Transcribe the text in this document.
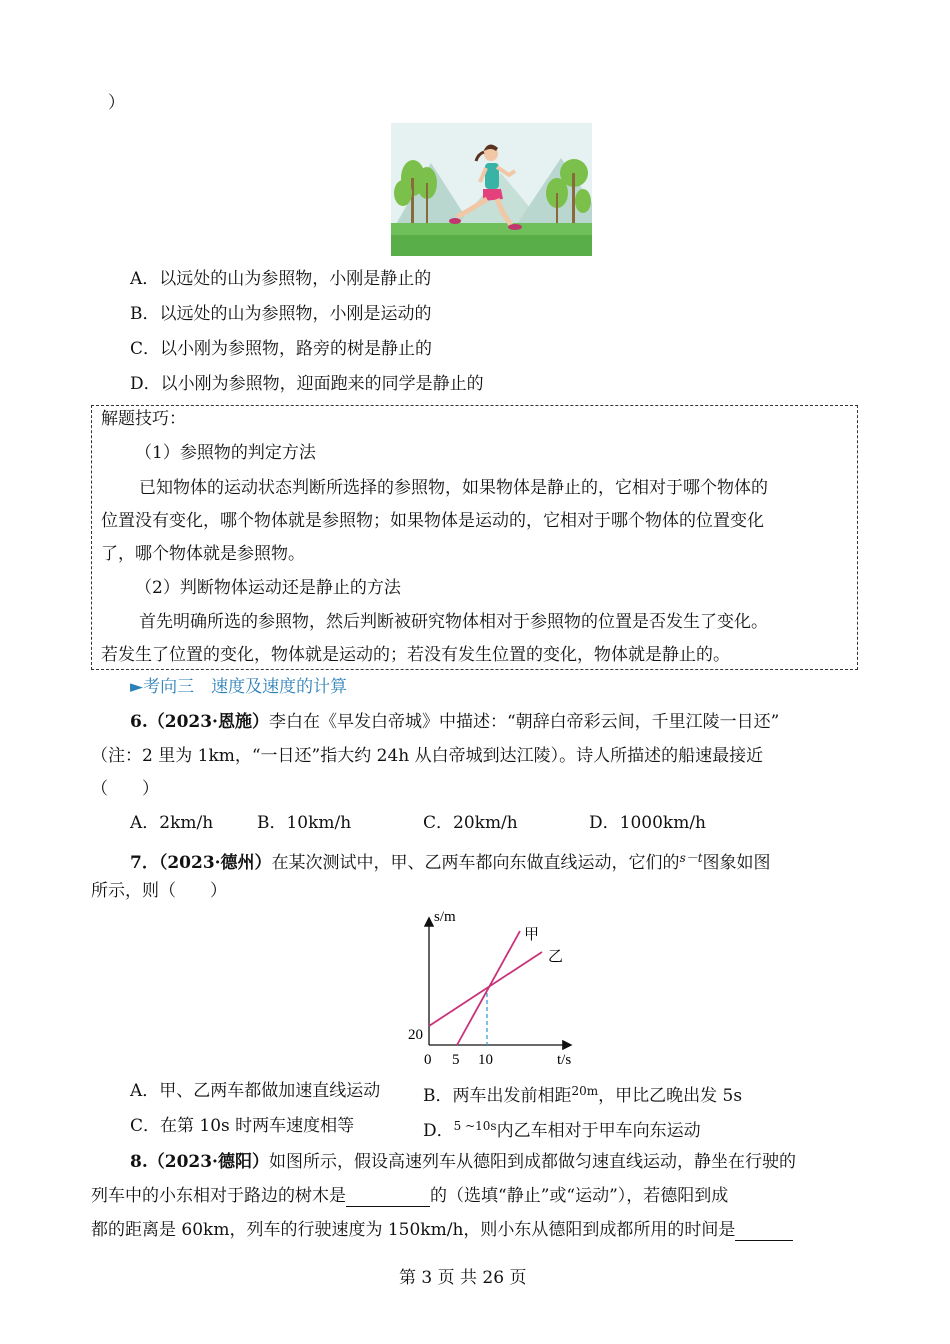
）
A．以远处的山为参照物，小刚是静止的
B．以远处的山为参照物，小刚是运动的
C．以小刚为参照物，路旁的树是静止的
D．以小刚为参照物，迎面跑来的同学是静止的
解题技巧：
（1）参照物的判定方法
已知物体的运动状态判断所选择的参照物，如果物体是静止的，它相对于哪个物体的
位置没有变化，哪个物体就是参照物；如果物体是运动的，它相对于哪个物体的位置变化
了，哪个物体就是参照物。
（2）判断物体运动还是静止的方法
首先明确所选的参照物，然后判断被研究物体相对于参照物的位置是否发生了变化。
若发生了位置的变化，物体就是运动的；若没有发生位置的变化，物体就是静止的。
►考向三　速度及速度的计算
6.（2023·恩施）李白在《早发白帝城》中描述：“朝辞白帝彩云间，千里江陵一日还”
（注：2 里为 1km，“一日还”指大约 24h 从白帝城到达江陵）。诗人所描述的船速最接近
（　　）
A．2km/h	B．10km/h	C．20km/h	D．1000km/h
7．（2023·德州）在某次测试中，甲、乙两车都向东做直线运动，它们的$^{s-t}$图象如图
所示，则（　　）
s/m
t/s
0 5 10
20
甲
乙
A．甲、乙两车都做加速直线运动	B．两车出发前相距$^{20m}$，甲比乙晚出发 5s
C．在第 10s 时两车速度相等	D．$^{5 \sim 10s}$内乙车相对于甲车向东运动
8.（2023·德阳）如图所示，假设高速列车从德阳到成都做匀速直线运动，静坐在行驶的
列车中的小东相对于路边的树木是	的（选填“静止”或“运动”），若德阳到成
都的距离是 60km，列车的行驶速度为 150km/h，则小东从德阳到成都所用的时间是
第 3 页 共 26 页
